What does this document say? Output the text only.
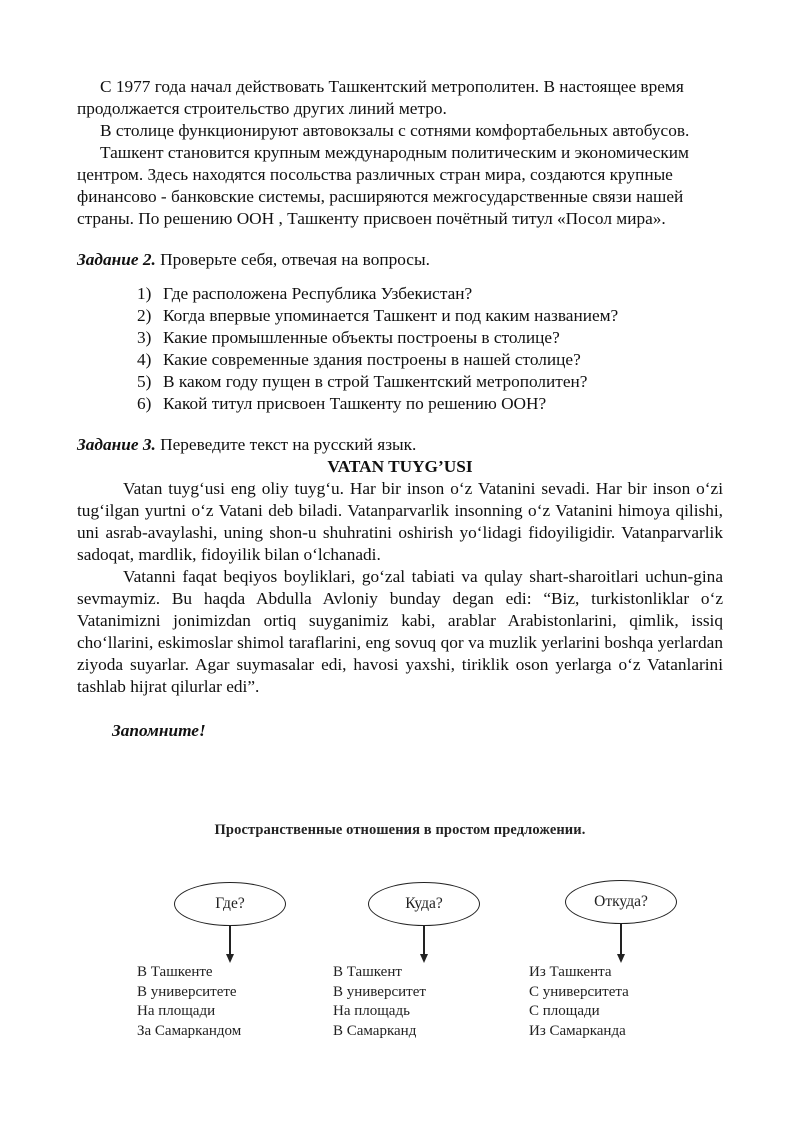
С 1977 года начал действовать Ташкентский метрополитен. В настоящее время продолжается строительство других линий метро.

В столице функционируют автовокзалы с сотнями комфортабельных автобусов.

Ташкент становится крупным международным политическим и экономическим центром. Здесь находятся посольства различных стран мира, создаются крупные финансово - банковские системы, расширяются межгосударственные связи нашей страны. По решению ООН , Ташкенту присвоен почётный титул «Посол мира».

Задание 2. Проверьте себя, отвечая на вопросы.

1) Где расположена Республика Узбекистан?
2) Когда впервые упоминается Ташкент и под каким названием?
3) Какие промышленные объекты построены в столице?
4) Какие современные здания построены в нашей столице?
5) В каком году пущен в строй Ташкентский метрополитен?
6) Какой титул присвоен Ташкенту по решению ООН?

Задание 3. Переведите текст на русский язык.

VATAN TUYG’USI

Vatan tuyg‘usi eng oliy tuyg‘u. Har bir inson o‘z Vatanini sevadi. Har bir inson o‘zi tug‘ilgan yurtni o‘z Vatani deb biladi. Vatanparvarlik insonning o‘z Vatanini himoya qilishi, uni asrab-avaylashi, uning shon-u shuhratini oshirish yo‘lidagi fidoyiligidir. Vatanparvarlik sadoqat, mardlik, fidoyilik bilan o‘lchanadi.

Vatanni faqat beqiyos boyliklari, go‘zal tabiati va qulay shart-sharoitlari uchun-gina sevmaymiz. Bu haqda Abdulla Avloniy bunday degan edi: “Biz, turkistonliklar o‘z Vatanimizni jonimizdan ortiq suyganimiz kabi, arablar Arabistonlarini, qimlik, issiq cho‘llarini, eskimoslar shimol taraflarini, eng sovuq qor va muzlik yerlarini boshqa yerlardan ziyoda suyarlar. Agar suymasalar edi, havosi yaxshi, tiriklik oson yerlarga o‘z Vatanlarini tashlab hijrat qilurlar edi”.

Запомните!

Пространственные отношения в простом предложении.
Где?
В Ташкенте
В университете
На площади
За Самаркандом
Куда?
В Ташкент
В университет
На площадь
В Самарканд
Откуда?
Из Ташкента
С университета
С площади
Из Самарканда
